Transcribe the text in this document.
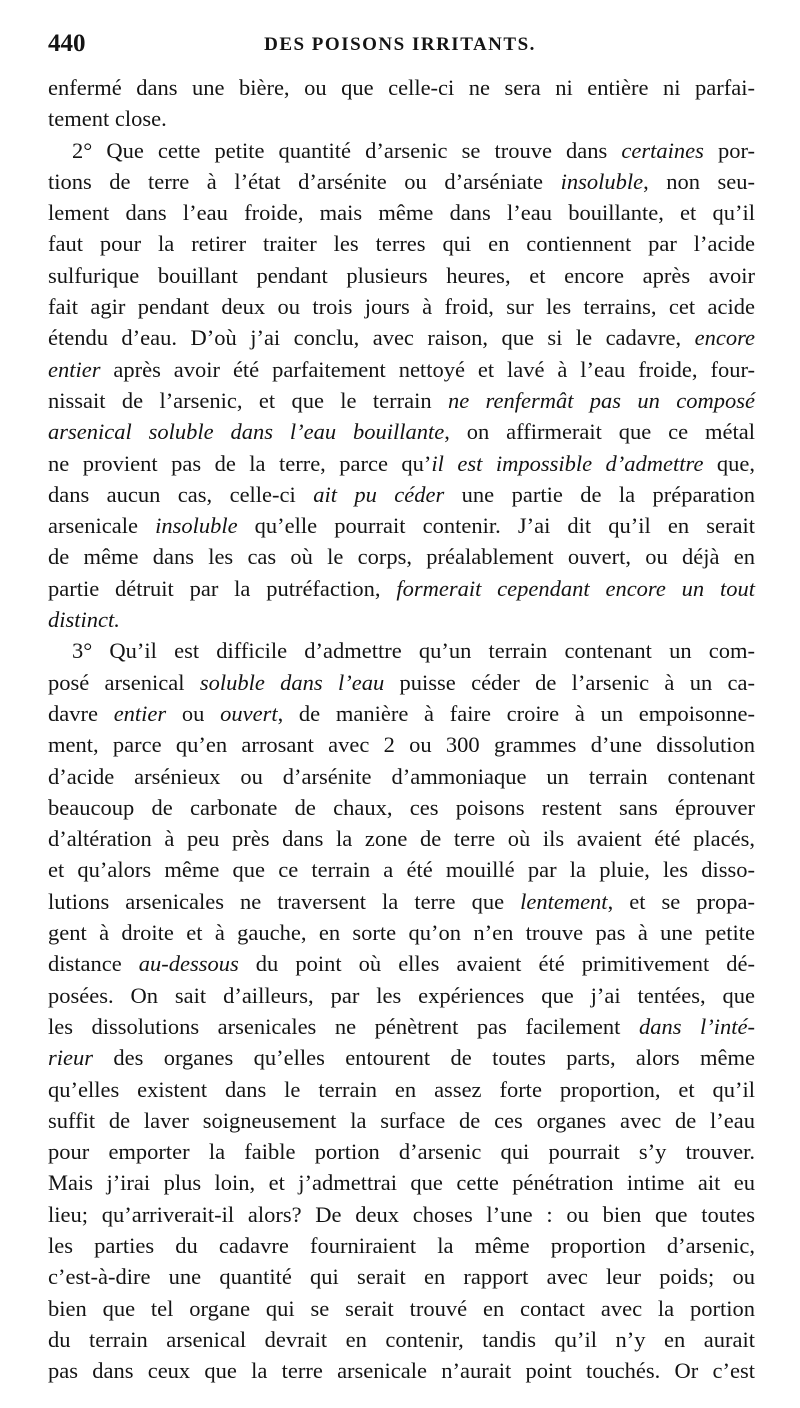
440	DES POISONS IRRITANTS.
enfermé dans une bière, ou que celle-ci ne sera ni entière ni parfai-
tement close.
2° Que cette petite quantité d’arsenic se trouve dans certaines por-
tions de terre à l’état d’arsénite ou d’arséniate insoluble, non seu-
lement dans l’eau froide, mais même dans l’eau bouillante, et qu’il
faut pour la retirer traiter les terres qui en contiennent par l’acide
sulfurique bouillant pendant plusieurs heures, et encore après avoir
fait agir pendant deux ou trois jours à froid, sur les terrains, cet acide
étendu d’eau. D’où j’ai conclu, avec raison, que si le cadavre, encore
entier après avoir été parfaitement nettoyé et lavé à l’eau froide, four-
nissait de l’arsenic, et que le terrain ne renfermât pas un composé
arsenical soluble dans l’eau bouillante, on affirmerait que ce métal
ne provient pas de la terre, parce qu’il est impossible d’admettre que,
dans aucun cas, celle-ci ait pu céder une partie de la préparation
arsenicale insoluble qu’elle pourrait contenir. J’ai dit qu’il en serait
de même dans les cas où le corps, préalablement ouvert, ou déjà en
partie détruit par la putréfaction, formerait cependant encore un tout
distinct.
3° Qu’il est difficile d’admettre qu’un terrain contenant un com-
posé arsenical soluble dans l’eau puisse céder de l’arsenic à un ca-
davre entier ou ouvert, de manière à faire croire à un empoisonne-
ment, parce qu’en arrosant avec 2 ou 300 grammes d’une dissolution
d’acide arsénieux ou d’arsénite d’ammoniaque un terrain contenant
beaucoup de carbonate de chaux, ces poisons restent sans éprouver
d’altération à peu près dans la zone de terre où ils avaient été placés,
et qu’alors même que ce terrain a été mouillé par la pluie, les disso-
lutions arsenicales ne traversent la terre que lentement, et se propa-
gent à droite et à gauche, en sorte qu’on n’en trouve pas à une petite
distance au-dessous du point où elles avaient été primitivement dé-
posées. On sait d’ailleurs, par les expériences que j’ai tentées, que
les dissolutions arsenicales ne pénètrent pas facilement dans l’inté-
rieur des organes qu’elles entourent de toutes parts, alors même
qu’elles existent dans le terrain en assez forte proportion, et qu’il
suffit de laver soigneusement la surface de ces organes avec de l’eau
pour emporter la faible portion d’arsenic qui pourrait s’y trouver.
Mais j’irai plus loin, et j’admettrai que cette pénétration intime ait eu
lieu; qu’arriverait-il alors? De deux choses l’une : ou bien que toutes
les parties du cadavre fourniraient la même proportion d’arsenic,
c’est-à-dire une quantité qui serait en rapport avec leur poids; ou
bien que tel organe qui se serait trouvé en contact avec la portion
du terrain arsenical devrait en contenir, tandis qu’il n’y en aurait
pas dans ceux que la terre arsenicale n’aurait point touchés. Or c’est
